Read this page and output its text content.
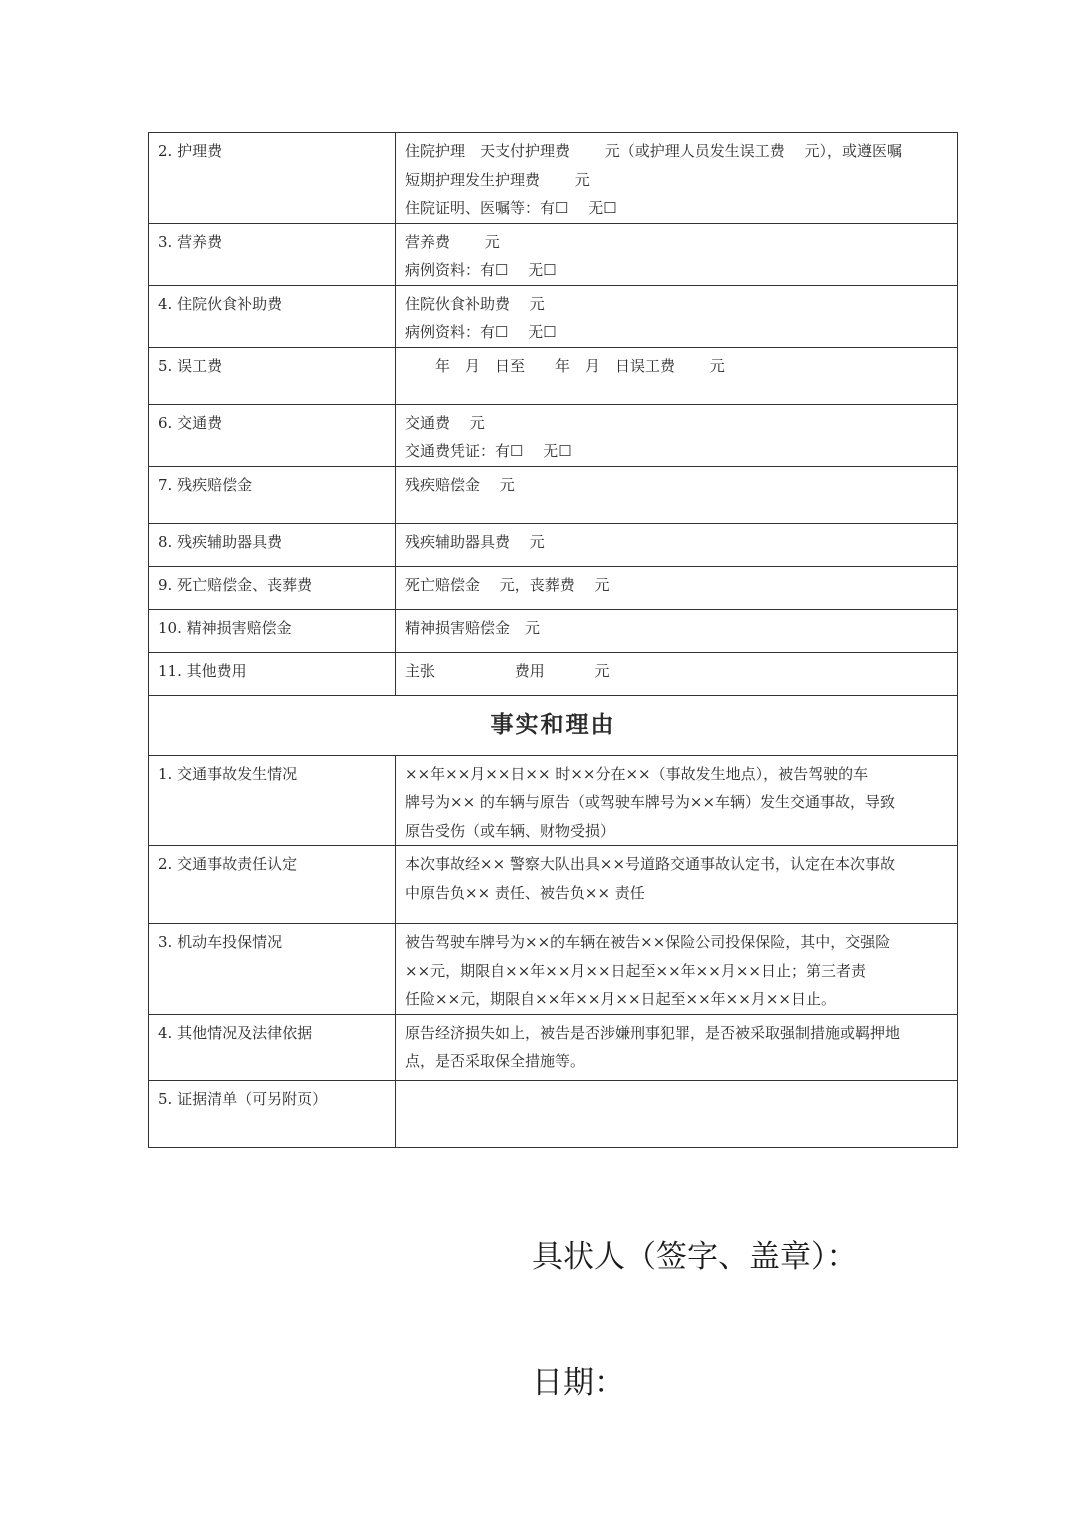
2. 护理费	住院护理　天支付护理费　　 元（或护理人员发生误工费　 元），或遵医嘱
短期护理发生护理费　　 元
住院证明、医嘱等：有☐　 无☐

3. 营养费	营养费　　 元
病例资料：有☐　 无☐

4. 住院伙食补助费	住院伙食补助费　 元
病例资料：有☐　 无☐

5. 误工费	　　年　月　日至　　年　月　日误工费　　 元

6. 交通费	交通费　 元
交通费凭证：有☐　 无☐

7. 残疾赔偿金	残疾赔偿金　 元

8. 残疾辅助器具费	残疾辅助器具费　 元

9. 死亡赔偿金、丧葬费	死亡赔偿金　 元，丧葬费　 元

10. 精神损害赔偿金	精神损害赔偿金　元

11. 其他费用	主张　　　　　 费用　　　 元

事实和理由	
1. 交通事故发生情况	××年××月××日×× 时××分在××（事故发生地点），被告驾驶的车
牌号为×× 的车辆与原告（或驾驶车牌号为××车辆）发生交通事故，导致
原告受伤（或车辆、财物受损）

2. 交通事故责任认定	本次事故经×× 警察大队出具××号道路交通事故认定书，认定在本次事故
中原告负×× 责任、被告负×× 责任

3. 机动车投保情况	被告驾驶车牌号为××的车辆在被告××保险公司投保保险，其中，交强险
××元，期限自××年××月××日起至××年××月××日止；第三者责
任险××元，期限自××年××月××日起至××年××月××日止。

4. 其他情况及法律依据	原告经济损失如上，被告是否涉嫌刑事犯罪，是否被采取强制措施或羁押地
点，是否采取保全措施等。

5. 证据清单（可另附页）	

具状人（签字、盖章）：

日期：
